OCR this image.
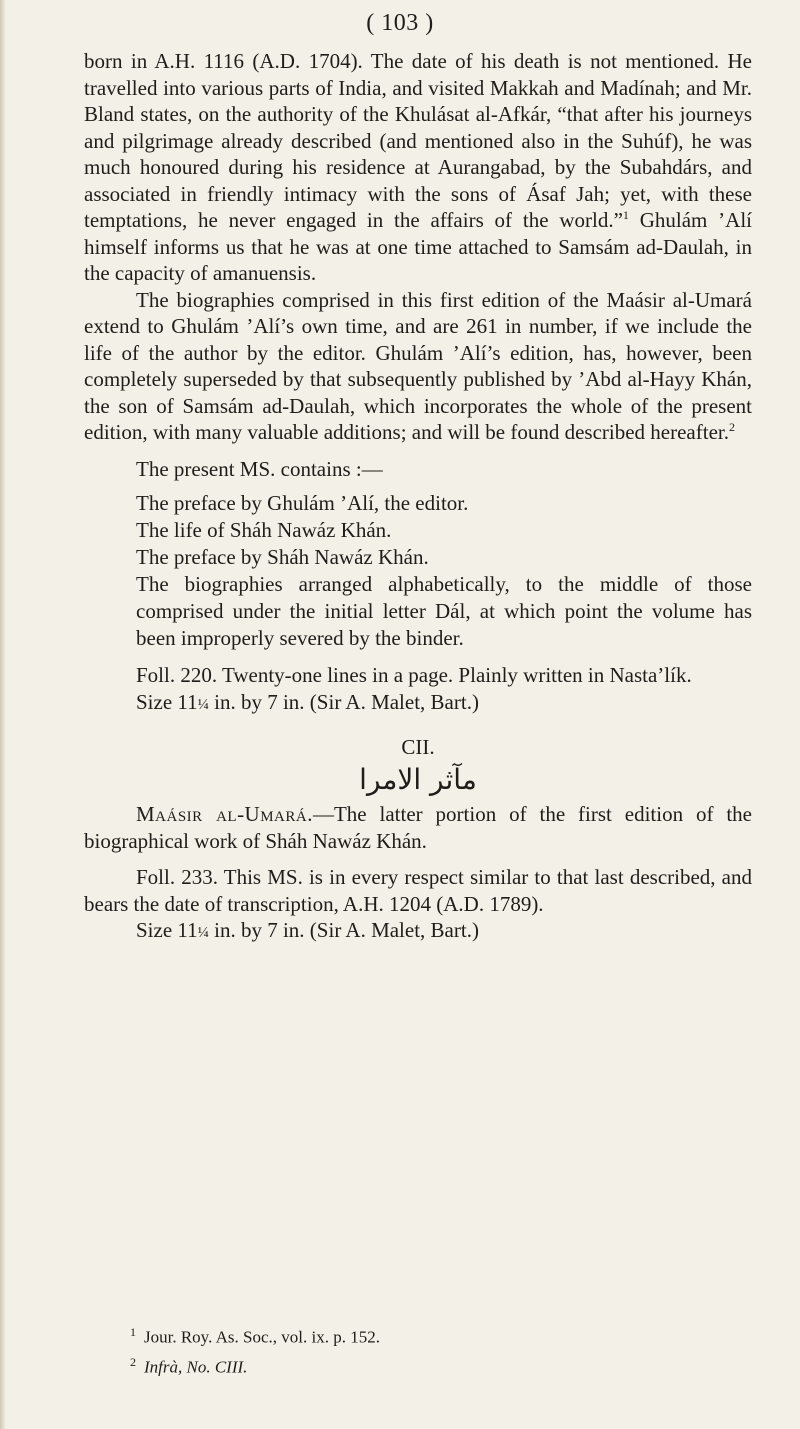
( 103 )

born in A.H. 1116 (A.D. 1704). The date of his death is not mentioned. He travelled into various parts of India, and visited Makkah and Madínah; and Mr. Bland states, on the authority of the Khulásat al-Afkár, “that after his journeys and pilgrimage already described (and mentioned also in the Suhúf), he was much honoured during his residence at Aurangabad, by the Subahdárs, and associated in friendly intimacy with the sons of Ásaf Jah; yet, with these temptations, he never engaged in the affairs of the world.”$^1$ Ghulám ’Alí himself informs us that he was at one time attached to Samsám ad-Daulah, in the capacity of amanuensis.

The biographies comprised in this first edition of the Maásir al-Umará extend to Ghulám ’Alí’s own time, and are 261 in number, if we include the life of the author by the editor. Ghulám ’Alí’s edition, has, however, been completely superseded by that subsequently published by ’Abd al-Hayy Khán, the son of Samsám ad-Daulah, which incorporates the whole of the present edition, with many valuable additions; and will be found described hereafter.$^2$

The present MS. contains :—

The preface by Ghulám ’Alí, the editor.
The life of Sháh Nawáz Khán.
The preface by Sháh Nawáz Khán.
The biographies arranged alphabetically, to the middle of those comprised under the initial letter Dál, at which point the volume has been improperly severed by the binder.

Foll. 220. Twenty-one lines in a page. Plainly written in Nasta’lík.

Size 11¼ in. by 7 in. (Sir A. Malet, Bart.)

CII.

مآثر الامرا

Maásir al-Umará.—The latter portion of the first edition of the biographical work of Sháh Nawáz Khán.

Foll. 233. This MS. is in every respect similar to that last described, and bears the date of transcription, A.H. 1204 (A.D. 1789).

Size 11¼ in. by 7 in. (Sir A. Malet, Bart.)

$^1$ Jour. Roy. As. Soc., vol. ix. p. 152.

$^2$ Infrà, No. CIII.
